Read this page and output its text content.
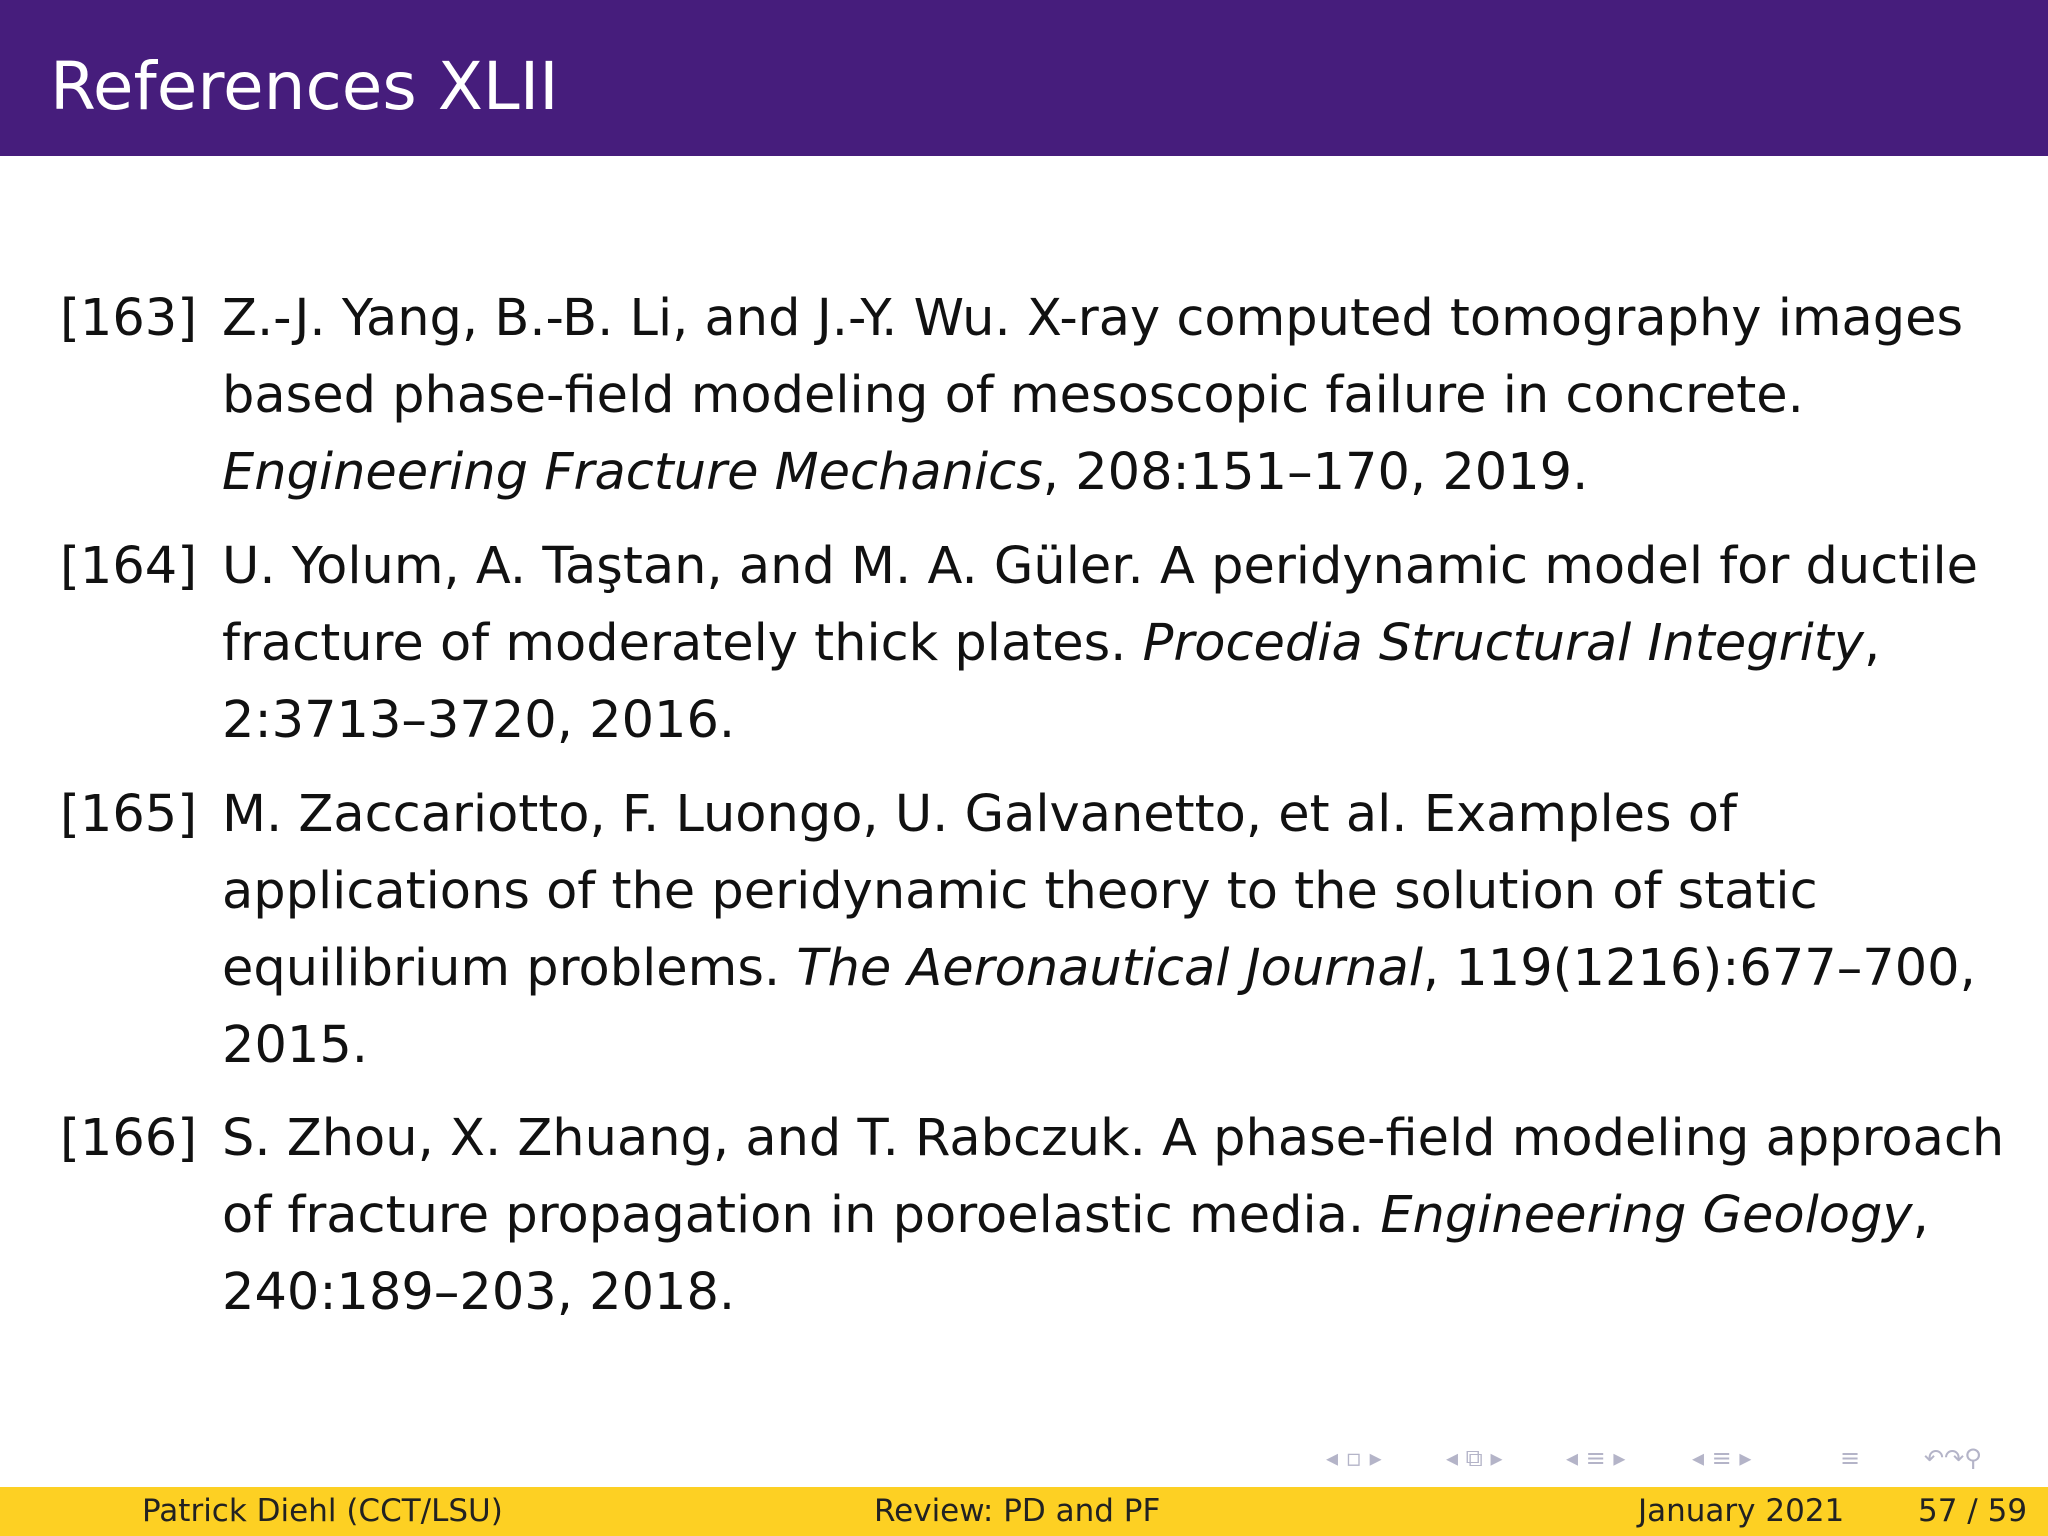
References XLII
[163] Z.-J. Yang, B.-B. Li, and J.-Y. Wu. X-ray computed tomography images based phase-field modeling of mesoscopic failure in concrete. Engineering Fracture Mechanics, 208:151–170, 2019.
[164] U. Yolum, A. Taştan, and M. A. Güler. A peridynamic model for ductile fracture of moderately thick plates. Procedia Structural Integrity, 2:3713–3720, 2016.
[165] M. Zaccariotto, F. Luongo, U. Galvanetto, et al. Examples of applications of the peridynamic theory to the solution of static equilibrium problems. The Aeronautical Journal, 119(1216):677–700, 2015.
[166] S. Zhou, X. Zhuang, and T. Rabczuk. A phase-field modeling approach of fracture propagation in poroelastic media. Engineering Geology, 240:189–203, 2018.
◂ ▫ ▸	◂ ⧉ ▸	◂ ≡ ▸	◂ ≡ ▸	≡	↶↷⚲
Patrick Diehl (CCT/LSU)	Review: PD and PF	January 2021 57 / 59
